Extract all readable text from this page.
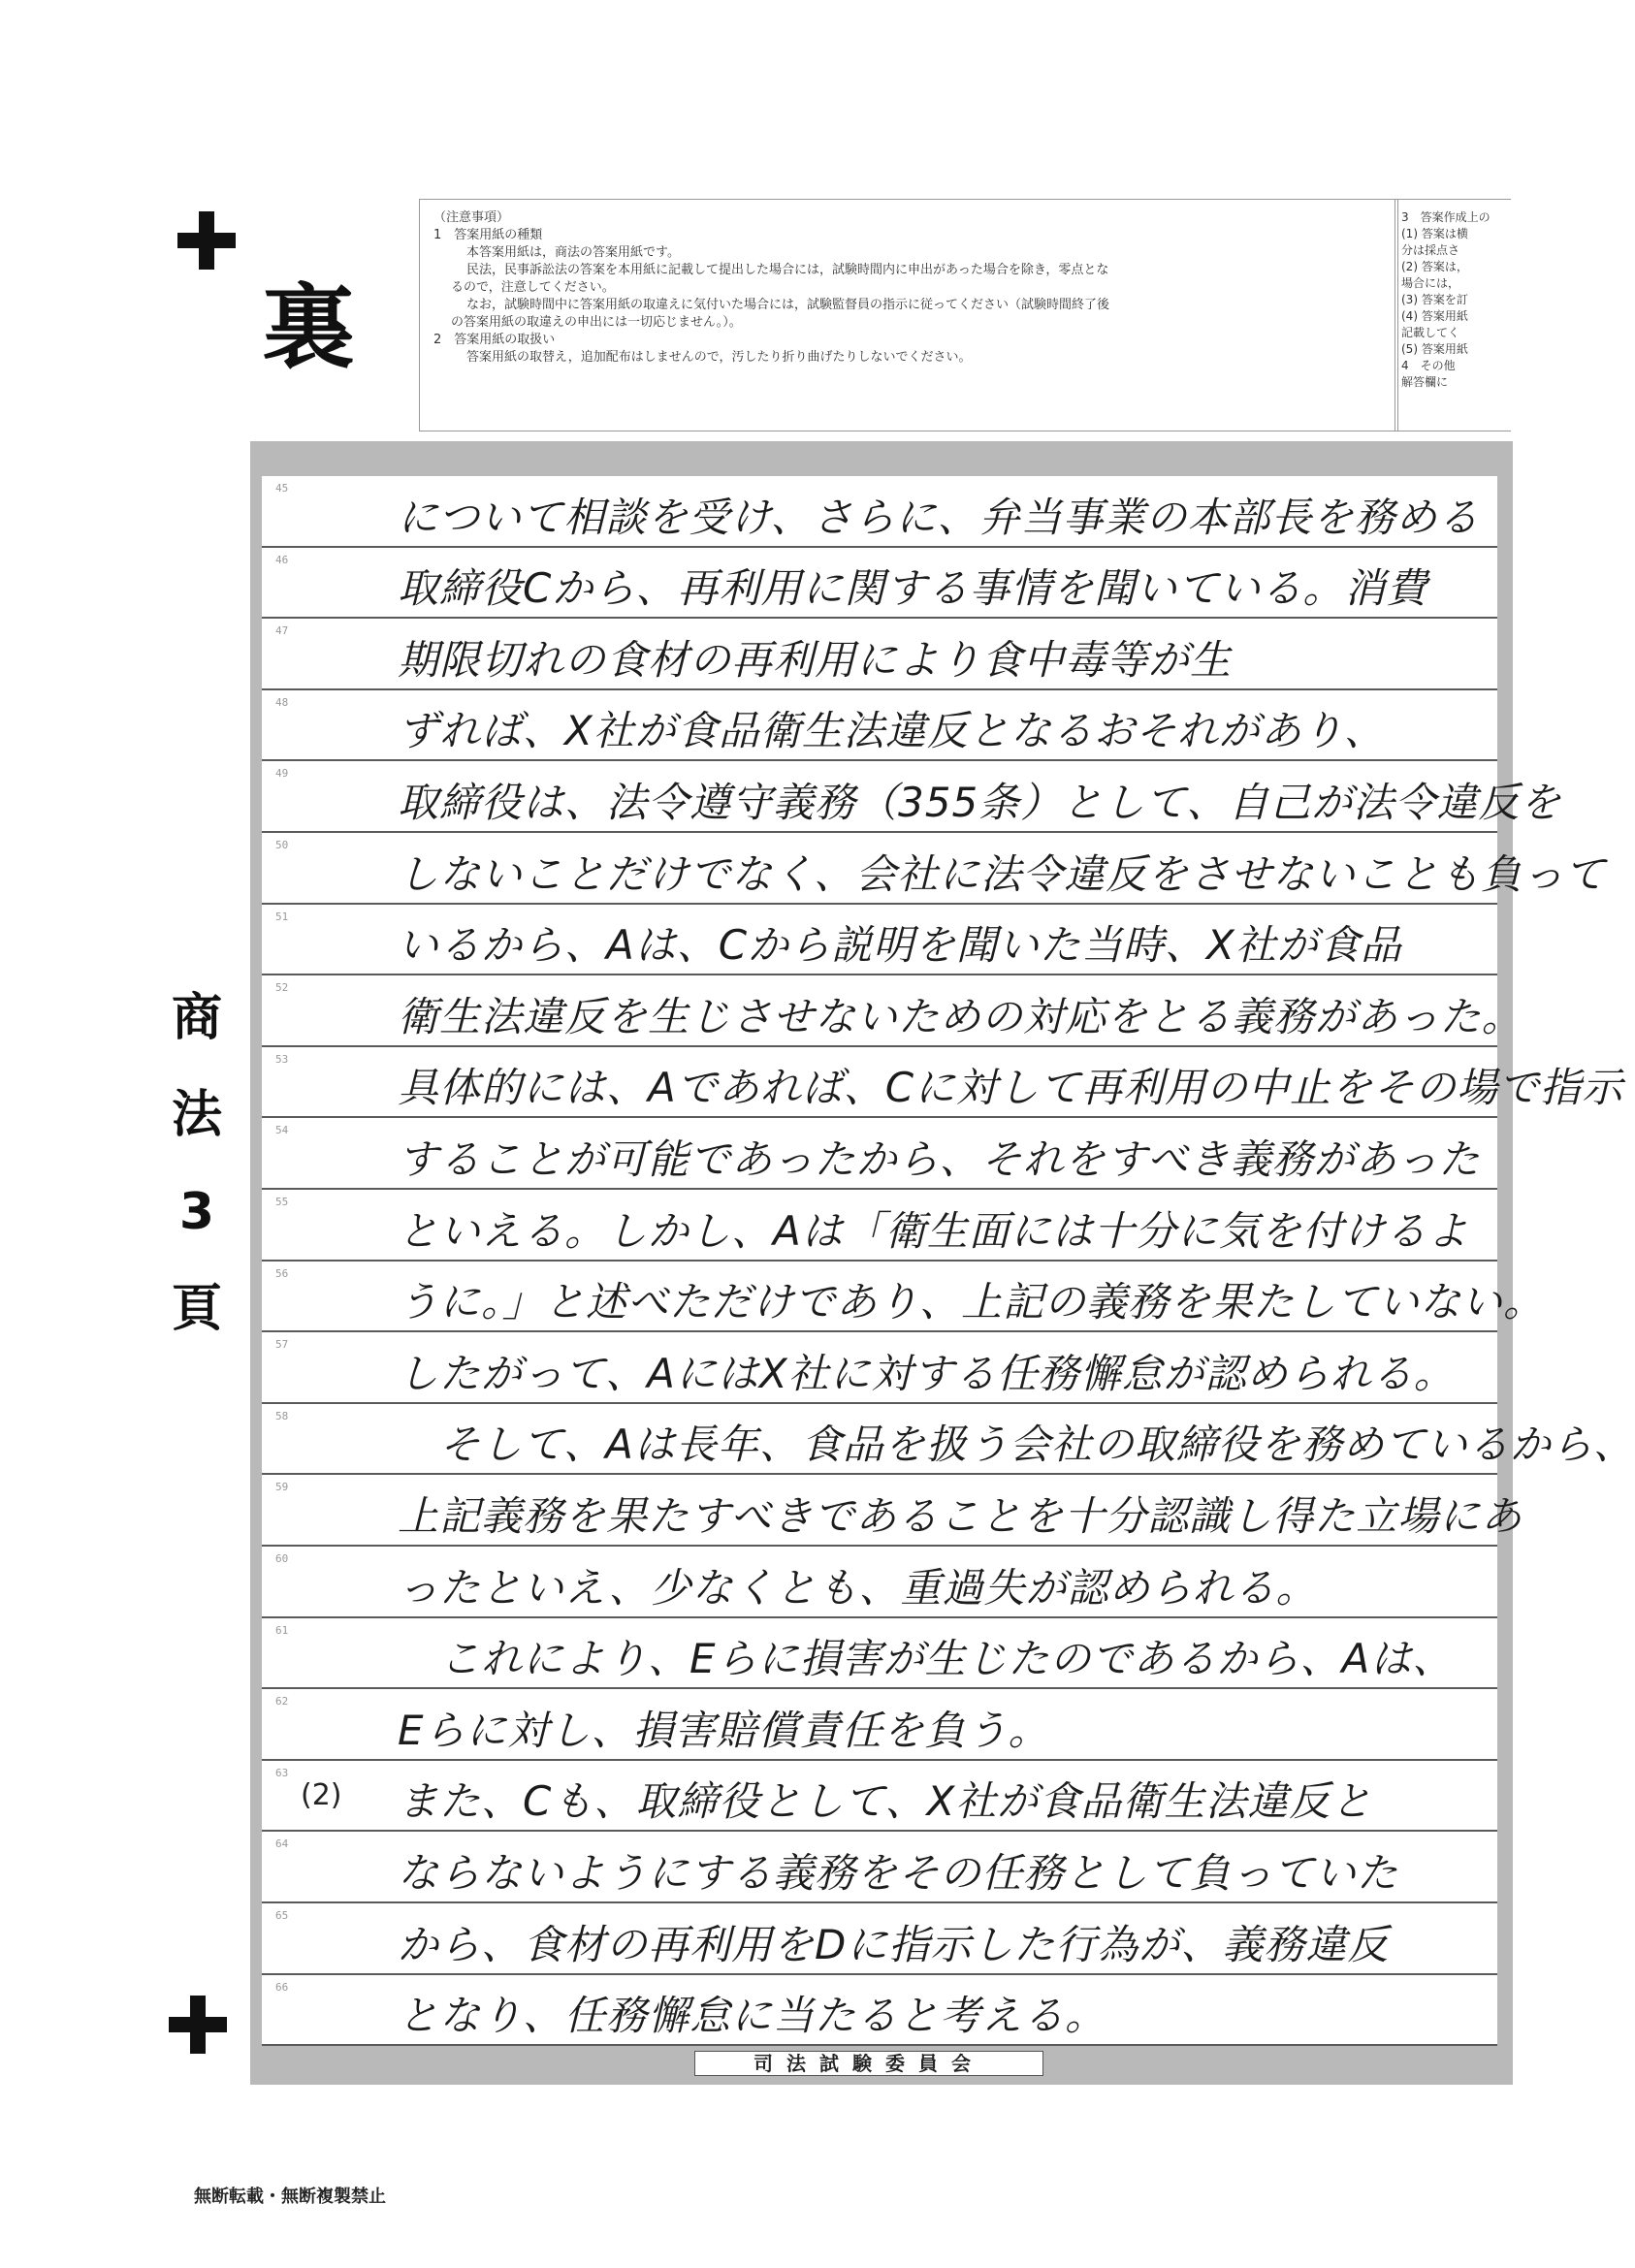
裏
（注意事項）
1　答案用紙の種類
本答案用紙は，商法の答案用紙です。
民法，民事訴訟法の答案を本用紙に記載して提出した場合には，試験時間内に申出があった場合を除き，零点とな
るので，注意してください。
なお，試験時間中に答案用紙の取違えに気付いた場合には，試験監督員の指示に従ってください（試験時間終了後
の答案用紙の取違えの申出には一切応じません。）。
2　答案用紙の取扱い
答案用紙の取替え，追加配布はしませんので，汚したり折り曲げたりしないでください。
3　答案作成上の
(1) 答案は横
分は採点さ
(2) 答案は，
場合には，
(3) 答案を訂
(4) 答案用紙
記載してく
(5) 答案用紙
4　その他
解答欄に
商
法
3
頁
45
について相談を受け、さらに、弁当事業の本部長を務める
46
取締役Cから、再利用に関する事情を聞いている。消費
47
期限切れの食材の再利用により食中毒等が生
48
ずれば、X社が食品衛生法違反となるおそれがあり、
49
取締役は、法令遵守義務（355条）として、自己が法令違反を
50
しないことだけでなく、会社に法令違反をさせないことも負って
51
いるから、Aは、Cから説明を聞いた当時、X社が食品
52
衛生法違反を生じさせないための対応をとる義務があった。
53
具体的には、Aであれば、Cに対して再利用の中止をその場で指示
54
することが可能であったから、それをすべき義務があった
55
といえる。しかし、Aは「衛生面には十分に気を付けるよ
56
うに。」と述べただけであり、上記の義務を果たしていない。
57
したがって、AにはX社に対する任務懈怠が認められる。
58
　そして、Aは長年、食品を扱う会社の取締役を務めているから、
59
上記義務を果たすべきであることを十分認識し得た立場にあ
60
ったといえ、少なくとも、重過失が認められる。
61
　これにより、Eらに損害が生じたのであるから、Aは、
62
Eらに対し、損害賠償責任を負う。
63
(2) また、Cも、取締役として、X社が食品衛生法違反と
64
ならないようにする義務をその任務として負っていた
65
から、食材の再利用をDに指示した行為が、義務違反
66
となり、任務懈怠に当たると考える。
司法試験委員会
無断転載・無断複製禁止
